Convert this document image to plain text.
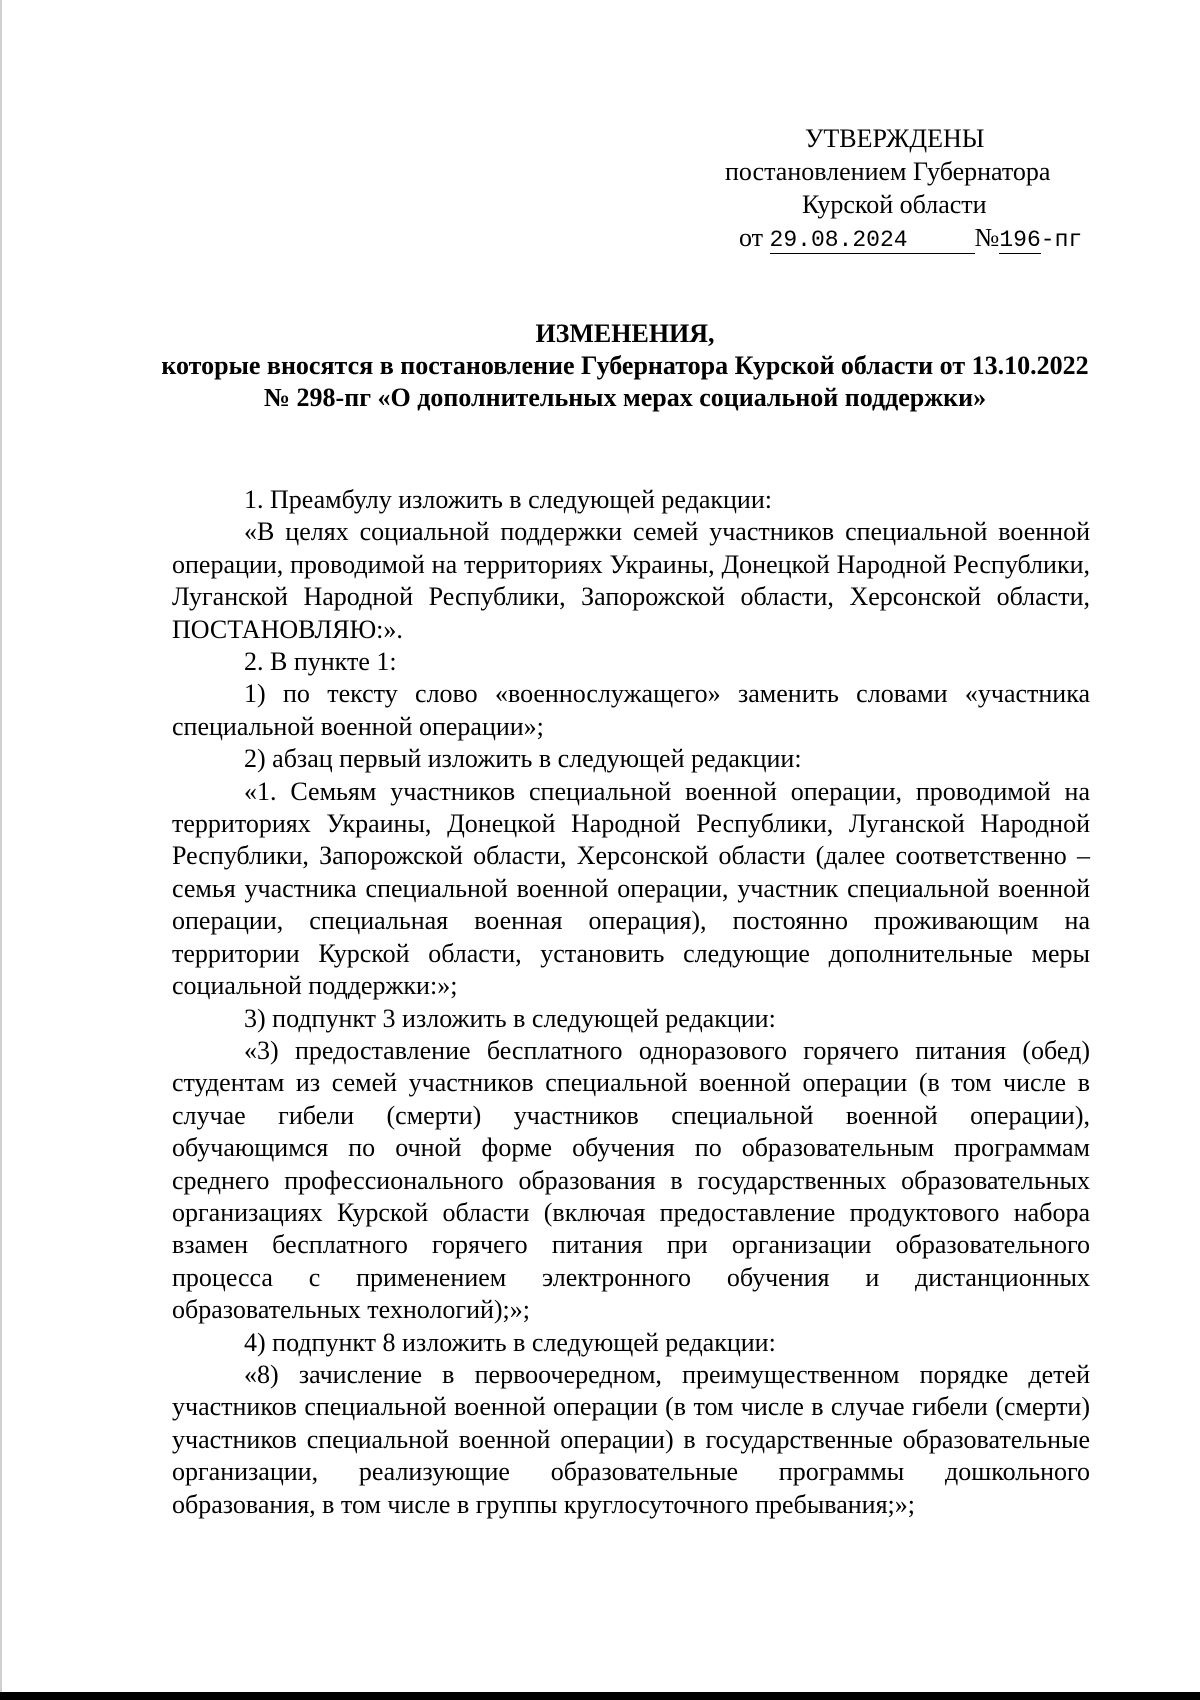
УТВЕРЖДЕНЫ
постановлением Губернатора
Курской области
от 29.08.2024	№196-пг
ИЗМЕНЕНИЯ,
которые вносятся в постановление Губернатора Курской области от 13.10.2022 № 298-пг «О дополнительных мерах социальной поддержки»

1. Преамбулу изложить в следующей редакции:

«В целях социальной поддержки семей участников специальной военной операции, проводимой на территориях Украины, Донецкой Народной Республики, Луганской Народной Республики, Запорожской области, Херсонской области, ПОСТАНОВЛЯЮ:».

2. В пункте 1:

1) по тексту слово «военнослужащего» заменить словами «участника специальной военной операции»;

2) абзац первый изложить в следующей редакции:

«1. Семьям участников специальной военной операции, проводимой на территориях Украины, Донецкой Народной Республики, Луганской Народной Республики, Запорожской области, Херсонской области (далее соответственно – семья участника специальной военной операции, участник специальной военной операции, специальная военная операция), постоянно проживающим на территории Курской области, установить следующие дополнительные меры социальной поддержки:»;

3) подпункт 3 изложить в следующей редакции:

«3) предоставление бесплатного одноразового горячего питания (обед) студентам из семей участников специальной военной операции (в том числе в случае гибели (смерти) участников специальной военной операции), обучающимся по очной форме обучения по образовательным программам среднего профессионального образования в государственных образовательных организациях Курской области (включая предоставление продуктового набора взамен бесплатного горячего питания при организации образовательного процесса с применением электронного обучения и дистанционных образовательных технологий);»;

4) подпункт 8 изложить в следующей редакции:

«8) зачисление в первоочередном, преимущественном порядке детей участников специальной военной операции (в том числе в случае гибели (смерти) участников специальной военной операции) в государственные образовательные организации, реализующие образовательные программы дошкольного образования, в том числе в группы круглосуточного пребывания;»;
